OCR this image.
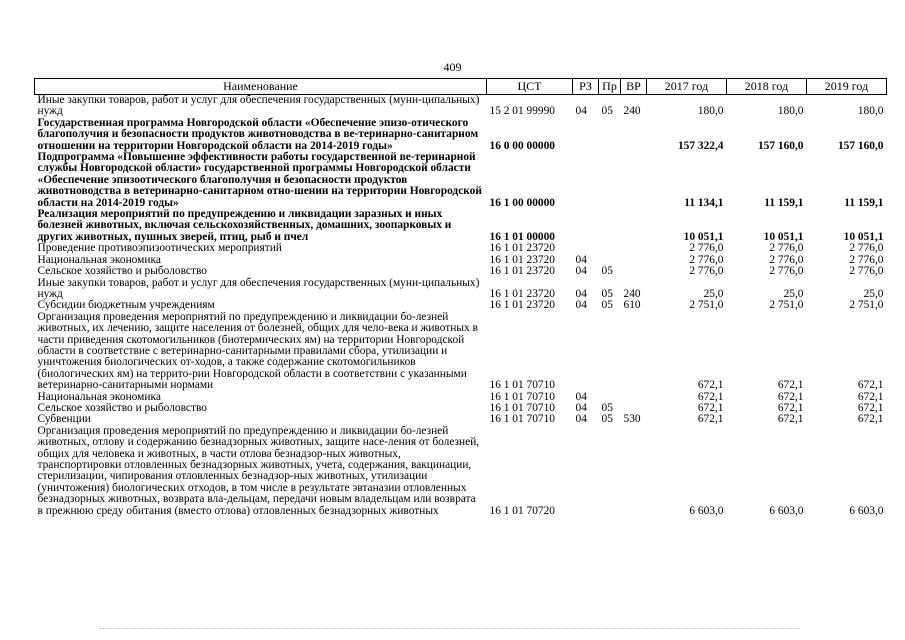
409
Наименование	ЦСТ	РЗ	Пр	ВР	2017 год	2018 год	2019 год
Иные закупки товаров, работ и услуг для обеспечения государственных (муни-ципальных) нужд	15 2 01 99990	04	05	240	180,0	180,0	180,0
Государственная программа Новгородской области «Обеспечение эпизо-отического благополучия и безопасности продуктов животноводства в ве-теринарно-санитарном отношении на территории Новгородской области на 2014-2019 годы»	16 0 00 00000				157 322,4	157 160,0	157 160,0
Подпрограмма «Повышение эффективности работы государственной ве-теринарной службы Новгородской области» государственной программы Новгородской области «Обеспечение эпизоотического благополучия и безопасности продуктов животноводства в ветеринарно-санитарном отно-шении на территории Новгородской области на 2014-2019 годы»	16 1 00 00000				11 134,1	11 159,1	11 159,1
Реализация мероприятий по предупреждению и ликвидации заразных и иных болезней животных, включая сельскохозяйственных, домашних, зоопарковых и других животных, пушных зверей, птиц, рыб и пчел	16 1 01 00000				10 051,1	10 051,1	10 051,1
Проведение противоэпизоотических мероприятий	16 1 01 23720				2 776,0	2 776,0	2 776,0
Национальная экономика	16 1 01 23720	04			2 776,0	2 776,0	2 776,0
Сельское хозяйство и рыболовство	16 1 01 23720	04	05		2 776,0	2 776,0	2 776,0
Иные закупки товаров, работ и услуг для обеспечения государственных (муни-ципальных) нужд	16 1 01 23720	04	05	240	25,0	25,0	25,0
Субсидии бюджетным учреждениям	16 1 01 23720	04	05	610	2 751,0	2 751,0	2 751,0
Организация проведения мероприятий по предупреждению и ликвидации бо-лезней животных, их лечению, защите населения от болезней, общих для чело-века и животных в части приведения скотомогильников (биотермических ям) на территории Новгородской области в соответствие с ветеринарно-санитарными правилами сбора, утилизации и уничтожения биологических от-ходов, а также содержание скотомогильников (биологических ям) на террито-рии Новгородской области в соответствии с указанными ветеринарно-санитарными нормами	16 1 01 70710				672,1	672,1	672,1
Национальная экономика	16 1 01 70710	04			672,1	672,1	672,1
Сельское хозяйство и рыболовство	16 1 01 70710	04	05		672,1	672,1	672,1
Субвенции	16 1 01 70710	04	05	530	672,1	672,1	672,1
Организация проведения мероприятий по предупреждению и ликвидации бо-лезней животных, отлову и содержанию безнадзорных животных, защите насе-ления от болезней, общих для человека и животных, в части отлова безнадзор-ных животных, транспортировки отловленных безнадзорных животных, учета, содержания, вакцинации, стерилизации, чипирования отловленных безнадзор-ных животных, утилизации (уничтожения) биологических отходов, в том числе в результате эвтаназии отловленных безнадзорных животных, возврата вла-дельцам, передачи новым владельцам или возврата в прежнюю среду обитания (вместо отлова) отловленных безнадзорных животных	16 1 01 70720				6 603,0	6 603,0	6 603,0
